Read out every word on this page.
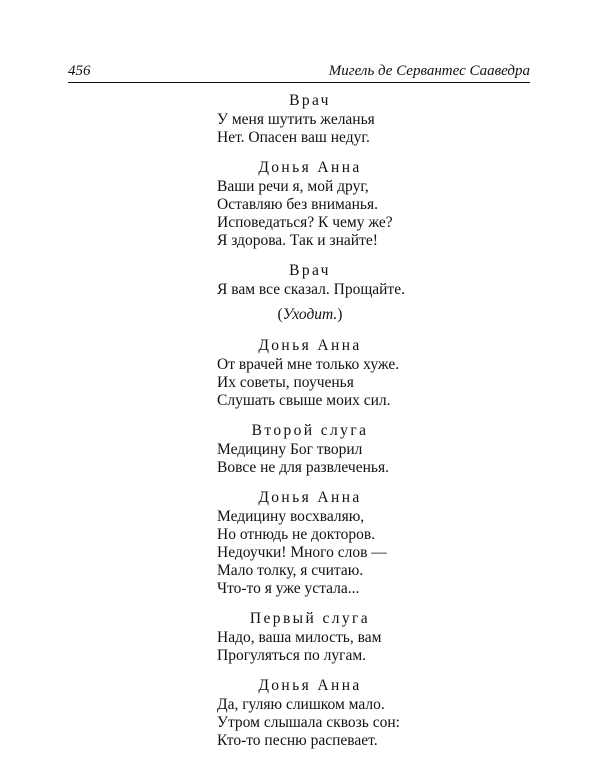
456	Мигель де Сервантес Сааведра
Врач
У меня шутить желанья
Нет. Опасен ваш недуг.
Донья Анна
Ваши речи я, мой друг,
Оставляю без вниманья.
Исповедаться? К чему же?
Я здорова. Так и знайте!
Врач
Я вам все сказал. Прощайте.
(Уходит.)
Донья Анна
От врачей мне только хуже.
Их советы, поученья
Слушать свыше моих сил.
Второй слуга
Медицину Бог творил
Вовсе не для развлеченья.
Донья Анна
Медицину восхваляю,
Но отнюдь не докторов.
Недоучки! Много слов —
Мало толку, я считаю.
Что-то я уже устала...
Первый слуга
Надо, ваша милость, вам
Прогуляться по лугам.
Донья Анна
Да, гуляю слишком мало.
Утром слышала сквозь сон:
Кто-то песню распевает.
